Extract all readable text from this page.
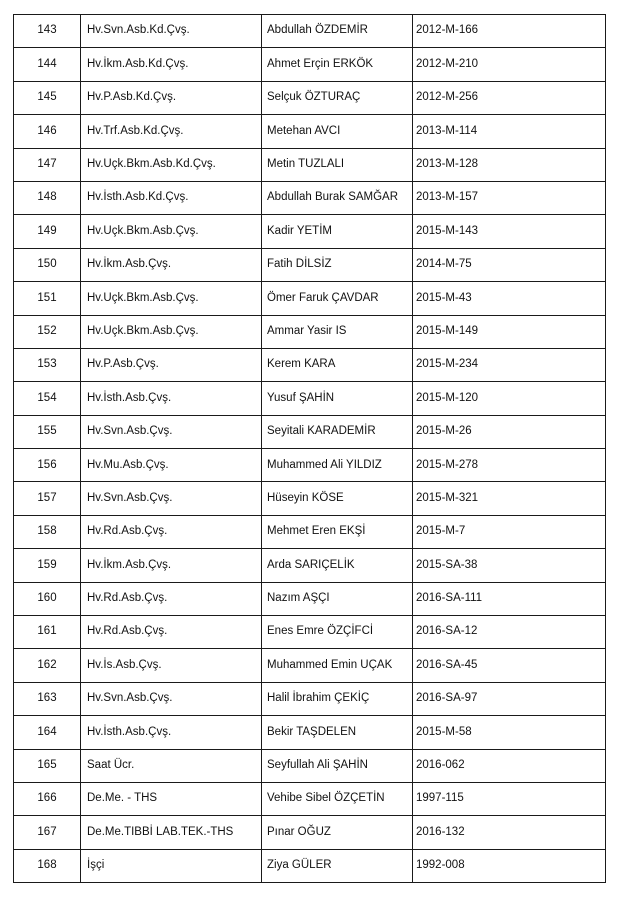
143	Hv.Svn.Asb.Kd.Çvş.	Abdullah ÖZDEMİR	2012-M-166
144	Hv.İkm.Asb.Kd.Çvş.	Ahmet Erçin ERKÖK	2012-M-210
145	Hv.P.Asb.Kd.Çvş.	Selçuk ÖZTURAÇ	2012-M-256
146	Hv.Trf.Asb.Kd.Çvş.	Metehan AVCI	2013-M-114
147	Hv.Uçk.Bkm.Asb.Kd.Çvş.	Metin TUZLALI	2013-M-128
148	Hv.İsth.Asb.Kd.Çvş.	Abdullah Burak SAMĞAR	2013-M-157
149	Hv.Uçk.Bkm.Asb.Çvş.	Kadir YETİM	2015-M-143
150	Hv.İkm.Asb.Çvş.	Fatih DİLSİZ	2014-M-75
151	Hv.Uçk.Bkm.Asb.Çvş.	Ömer Faruk ÇAVDAR	2015-M-43
152	Hv.Uçk.Bkm.Asb.Çvş.	Ammar Yasir IS	2015-M-149
153	Hv.P.Asb.Çvş.	Kerem KARA	2015-M-234
154	Hv.İsth.Asb.Çvş.	Yusuf ŞAHİN	2015-M-120
155	Hv.Svn.Asb.Çvş.	Seyitali KARADEMİR	2015-M-26
156	Hv.Mu.Asb.Çvş.	Muhammed Ali YILDIZ	2015-M-278
157	Hv.Svn.Asb.Çvş.	Hüseyin KÖSE	2015-M-321
158	Hv.Rd.Asb.Çvş.	Mehmet Eren EKŞİ	2015-M-7
159	Hv.İkm.Asb.Çvş.	Arda SARIÇELİK	2015-SA-38
160	Hv.Rd.Asb.Çvş.	Nazım AŞÇI	2016-SA-111
161	Hv.Rd.Asb.Çvş.	Enes Emre ÖZÇİFCİ	2016-SA-12
162	Hv.İs.Asb.Çvş.	Muhammed Emin UÇAK	2016-SA-45
163	Hv.Svn.Asb.Çvş.	Halil İbrahim ÇEKİÇ	2016-SA-97
164	Hv.İsth.Asb.Çvş.	Bekir TAŞDELEN	2015-M-58
165	Saat Ücr.	Seyfullah Ali ŞAHİN	2016-062
166	De.Me. - THS	Vehibe Sibel ÖZÇETİN	1997-115
167	De.Me.TIBBİ LAB.TEK.-THS	Pınar OĞUZ	2016-132
168	İşçi	Ziya GÜLER	1992-008
